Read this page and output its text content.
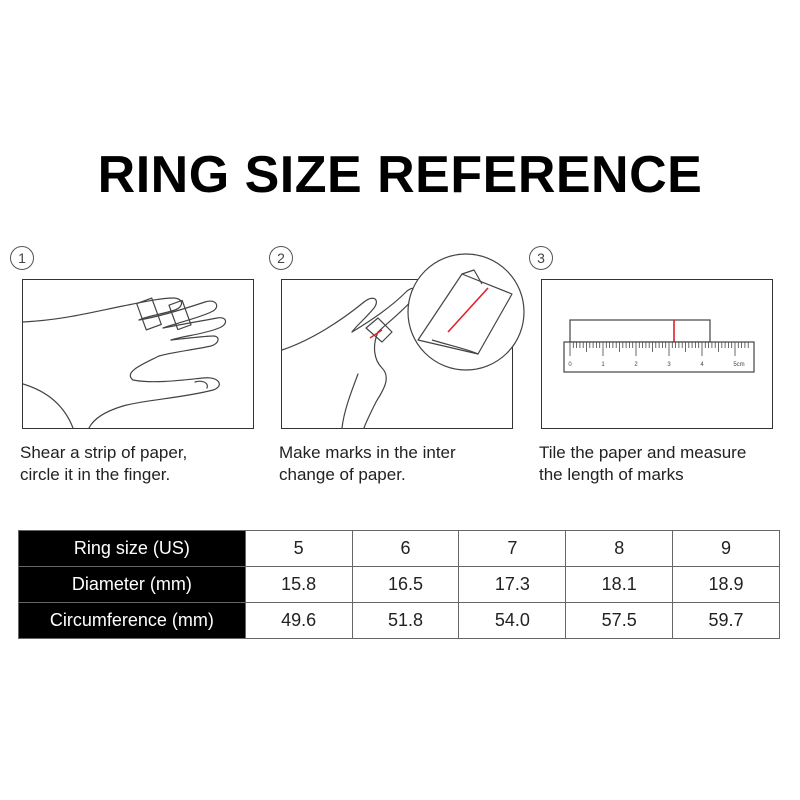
RING SIZE REFERENCE
1
Shear a strip of paper,
circle it in the finger.
2
Make marks in the inter
change of paper.
3
0	1	2	3	4	5cm
Tile the paper and measure
the length of marks
Ring size (US)	5	6	7	8	9
Diameter (mm)	15.8	16.5	17.3	18.1	18.9
Circumference (mm)	49.6	51.8	54.0	57.5	59.7
